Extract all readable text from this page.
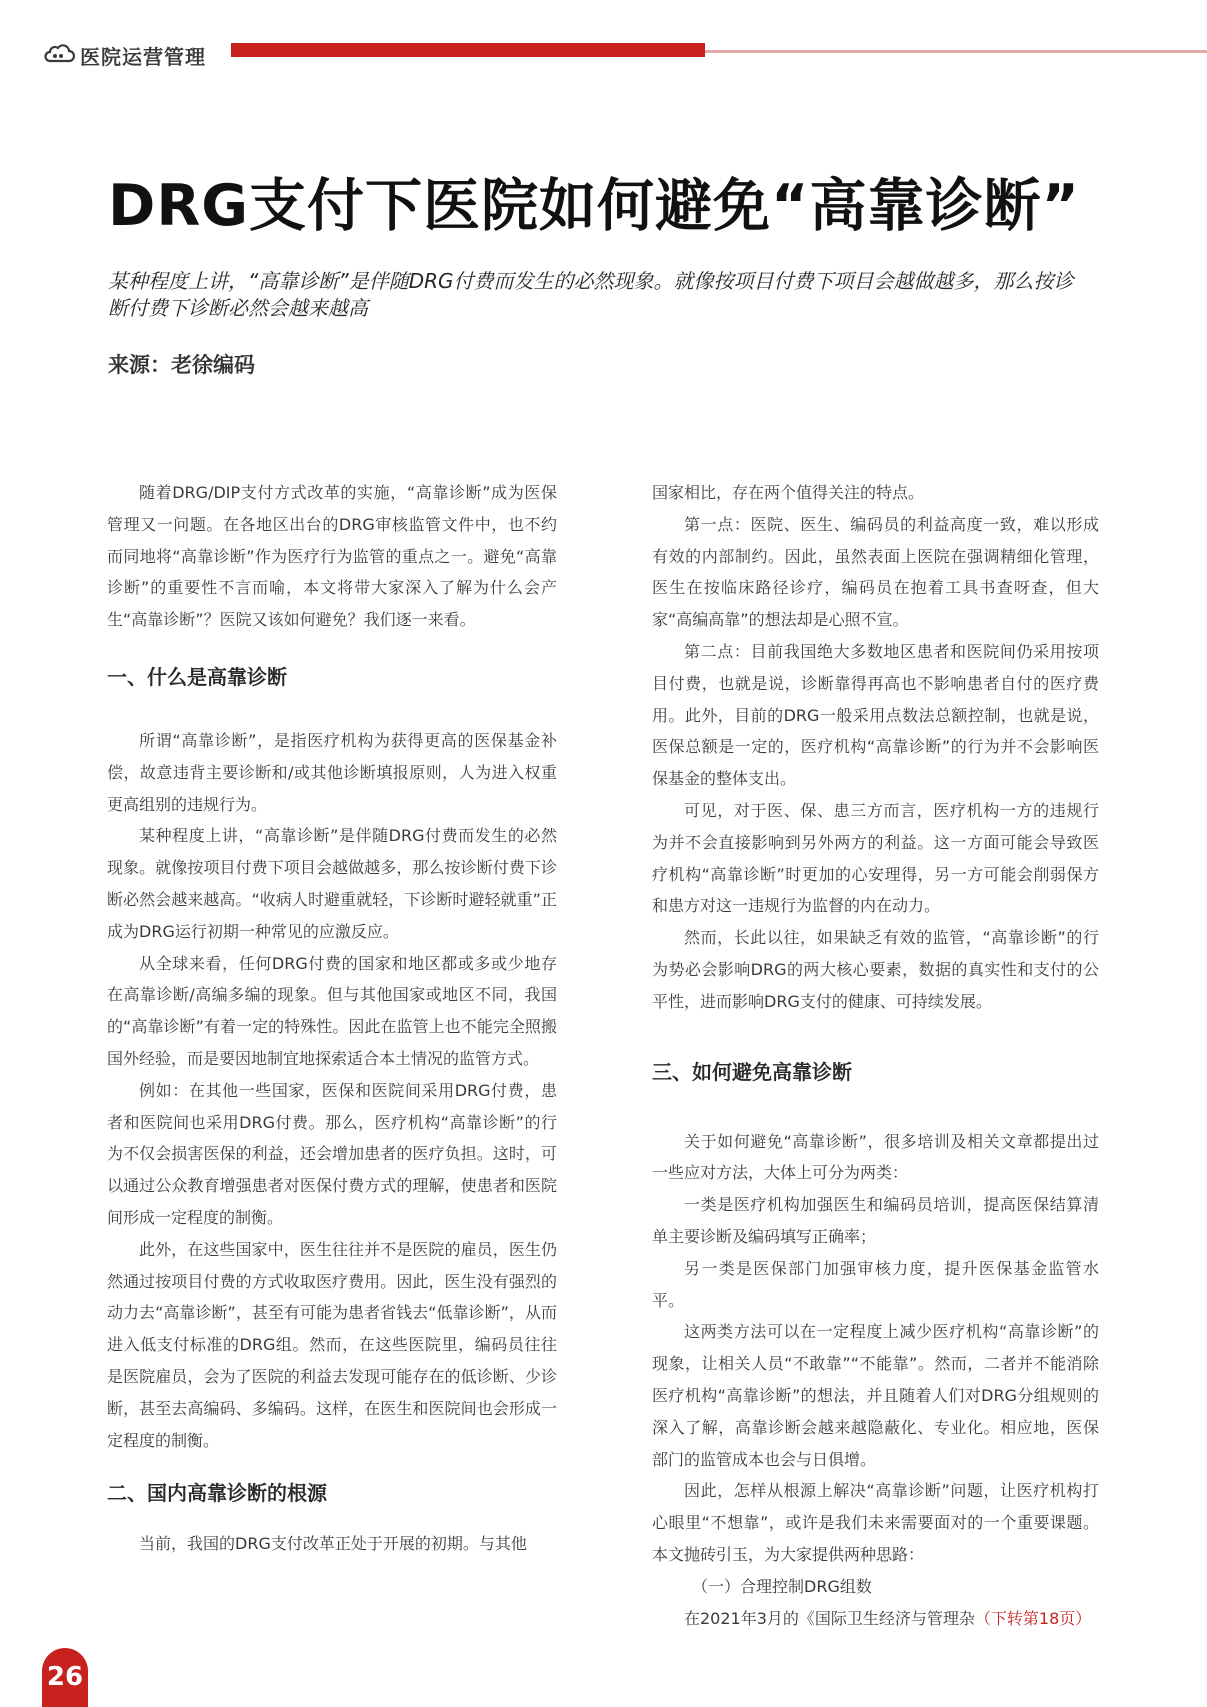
医院运营管理
DRG支付下医院如何避免“高靠诊断”

某种程度上讲，“高靠诊断”是伴随DRG付费而发生的必然现象。就像按项目付费下项目会越做越多，那么按诊断付费下诊断必然会越来越高

来源：老徐编码

随着DRG/DIP支付方式改革的实施，“高靠诊断”成为医保管理又一问题。在各地区出台的DRG审核监管文件中，也不约而同地将“高靠诊断”作为医疗行为监管的重点之一。避免“高靠诊断”的重要性不言而喻，本文将带大家深入了解为什么会产生“高靠诊断”？医院又该如何避免？我们逐一来看。

一、什么是高靠诊断

所谓“高靠诊断”，是指医疗机构为获得更高的医保基金补偿，故意违背主要诊断和/或其他诊断填报原则，人为进入权重更高组别的违规行为。

某种程度上讲，“高靠诊断”是伴随DRG付费而发生的必然现象。就像按项目付费下项目会越做越多，那么按诊断付费下诊断必然会越来越高。“收病人时避重就轻，下诊断时避轻就重”正成为DRG运行初期一种常见的应激反应。

从全球来看，任何DRG付费的国家和地区都或多或少地存在高靠诊断/高编多编的现象。但与其他国家或地区不同，我国的“高靠诊断”有着一定的特殊性。因此在监管上也不能完全照搬国外经验，而是要因地制宜地探索适合本土情况的监管方式。

例如：在其他一些国家，医保和医院间采用DRG付费，患者和医院间也采用DRG付费。那么，医疗机构“高靠诊断”的行为不仅会损害医保的利益，还会增加患者的医疗负担。这时，可以通过公众教育增强患者对医保付费方式的理解，使患者和医院间形成一定程度的制衡。

此外，在这些国家中，医生往往并不是医院的雇员，医生仍然通过按项目付费的方式收取医疗费用。因此，医生没有强烈的动力去“高靠诊断”，甚至有可能为患者省钱去“低靠诊断”，从而进入低支付标准的DRG组。然而，在这些医院里，编码员往往是医院雇员，会为了医院的利益去发现可能存在的低诊断、少诊断，甚至去高编码、多编码。这样，在医生和医院间也会形成一定程度的制衡。

二、国内高靠诊断的根源

当前，我国的DRG支付改革正处于开展的初期。与其他

国家相比，存在两个值得关注的特点。

第一点：医院、医生、编码员的利益高度一致，难以形成有效的内部制约。因此，虽然表面上医院在强调精细化管理，医生在按临床路径诊疗，编码员在抱着工具书查呀查，但大家“高编高靠”的想法却是心照不宣。

第二点：目前我国绝大多数地区患者和医院间仍采用按项目付费，也就是说，诊断靠得再高也不影响患者自付的医疗费用。此外，目前的DRG一般采用点数法总额控制，也就是说，医保总额是一定的，医疗机构“高靠诊断”的行为并不会影响医保基金的整体支出。

可见，对于医、保、患三方而言，医疗机构一方的违规行为并不会直接影响到另外两方的利益。这一方面可能会导致医疗机构“高靠诊断”时更加的心安理得，另一方可能会削弱保方和患方对这一违规行为监督的内在动力。

然而，长此以往，如果缺乏有效的监管，“高靠诊断”的行为势必会影响DRG的两大核心要素，数据的真实性和支付的公平性，进而影响DRG支付的健康、可持续发展。

三、如何避免高靠诊断

关于如何避免“高靠诊断”，很多培训及相关文章都提出过一些应对方法，大体上可分为两类：

一类是医疗机构加强医生和编码员培训，提高医保结算清单主要诊断及编码填写正确率；

另一类是医保部门加强审核力度，提升医保基金监管水平。

这两类方法可以在一定程度上减少医疗机构“高靠诊断”的现象，让相关人员“不敢靠”“不能靠”。然而，二者并不能消除医疗机构“高靠诊断”的想法，并且随着人们对DRG分组规则的深入了解，高靠诊断会越来越隐蔽化、专业化。相应地，医保部门的监管成本也会与日俱增。

因此，怎样从根源上解决“高靠诊断”问题，让医疗机构打心眼里“不想靠”，或许是我们未来需要面对的一个重要课题。本文抛砖引玉，为大家提供两种思路：

（一）合理控制DRG组数

在2021年3月的《国际卫生经济与管理杂（下转第18页）

26
